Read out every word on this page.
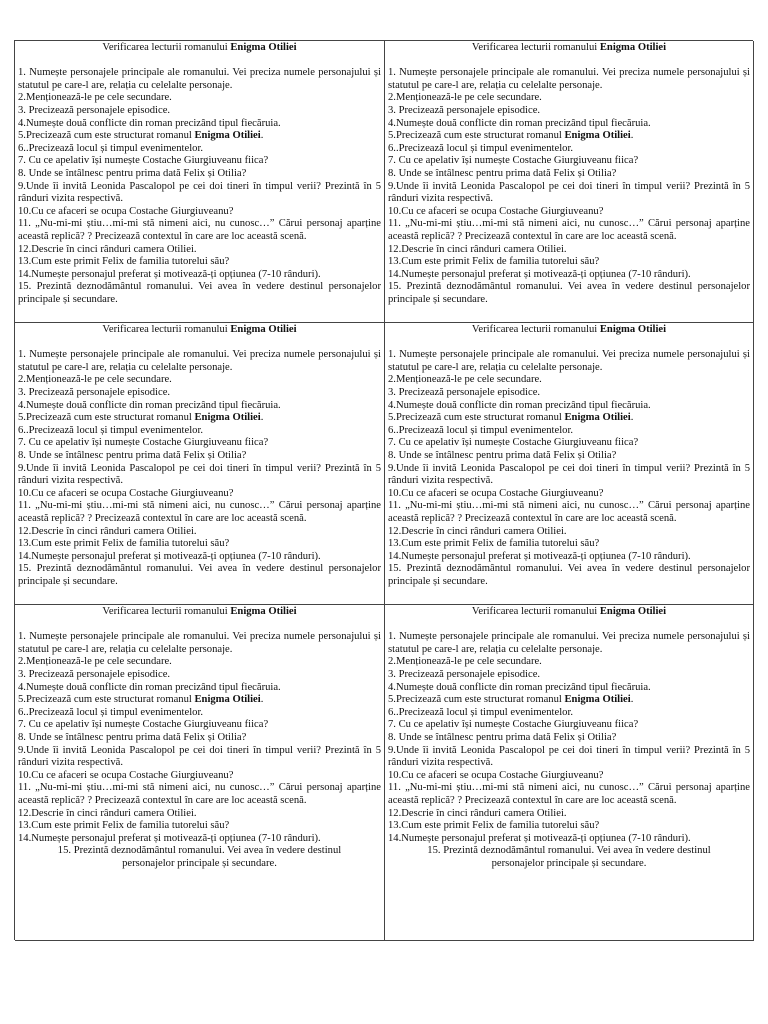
Verificarea lecturii romanului Enigma Otiliei

1. Numește personajele principale ale romanului. Vei preciza numele personajului și statutul pe care-l are, relația cu celelalte personaje.

2.Menționează-le pe cele secundare.

3. Precizează personajele episodice.

4.Numește două conflicte din roman precizând tipul fiecăruia.

5.Precizează cum este structurat romanul Enigma Otiliei.

6..Precizează locul și timpul evenimentelor.

7. Cu ce apelativ își numește Costache Giurgiuveanu fiica?

8. Unde se întâlnesc pentru prima dată Felix și Otilia?

9.Unde îi invită Leonida Pascalopol pe cei doi tineri în timpul verii? Prezintă în 5 rânduri vizita respectivă.

10.Cu ce afaceri se ocupa Costache Giurgiuveanu?

11. „Nu-mi-mi știu…mi-mi stă nimeni aici, nu cunosc…” Cărui personaj aparține această replică? ? Precizează contextul în care are loc această scenă.

12.Descrie în cinci rânduri camera Otiliei.

13.Cum este primit Felix de familia tutorelui său?

14.Numește personajul preferat și motivează-ți opțiunea (7-10 rânduri).

15. Prezintă deznodământul romanului. Vei avea în vedere destinul personajelor principale și secundare.

Verificarea lecturii romanului Enigma Otiliei

1. Numește personajele principale ale romanului. Vei preciza numele personajului și statutul pe care-l are, relația cu celelalte personaje.

2.Menționează-le pe cele secundare.

3. Precizează personajele episodice.

4.Numește două conflicte din roman precizând tipul fiecăruia.

5.Precizează cum este structurat romanul Enigma Otiliei.

6..Precizează locul și timpul evenimentelor.

7. Cu ce apelativ își numește Costache Giurgiuveanu fiica?

8. Unde se întâlnesc pentru prima dată Felix și Otilia?

9.Unde îi invită Leonida Pascalopol pe cei doi tineri în timpul verii? Prezintă în 5 rânduri vizita respectivă.

10.Cu ce afaceri se ocupa Costache Giurgiuveanu?

11. „Nu-mi-mi știu…mi-mi stă nimeni aici, nu cunosc…” Cărui personaj aparține această replică? ? Precizează contextul în care are loc această scenă.

12.Descrie în cinci rânduri camera Otiliei.

13.Cum este primit Felix de familia tutorelui său?

14.Numește personajul preferat și motivează-ți opțiunea (7-10 rânduri).

15. Prezintă deznodământul romanului. Vei avea în vedere destinul personajelor principale și secundare.

Verificarea lecturii romanului Enigma Otiliei

1. Numește personajele principale ale romanului. Vei preciza numele personajului și statutul pe care-l are, relația cu celelalte personaje.

2.Menționează-le pe cele secundare.

3. Precizează personajele episodice.

4.Numește două conflicte din roman precizând tipul fiecăruia.

5.Precizează cum este structurat romanul Enigma Otiliei.

6..Precizează locul și timpul evenimentelor.

7. Cu ce apelativ își numește Costache Giurgiuveanu fiica?

8. Unde se întâlnesc pentru prima dată Felix și Otilia?

9.Unde îi invită Leonida Pascalopol pe cei doi tineri în timpul verii? Prezintă în 5 rânduri vizita respectivă.

10.Cu ce afaceri se ocupa Costache Giurgiuveanu?

11. „Nu-mi-mi știu…mi-mi stă nimeni aici, nu cunosc…” Cărui personaj aparține această replică? ? Precizează contextul în care are loc această scenă.

12.Descrie în cinci rânduri camera Otiliei.

13.Cum este primit Felix de familia tutorelui său?

14.Numește personajul preferat și motivează-ți opțiunea (7-10 rânduri).

15. Prezintă deznodământul romanului. Vei avea în vedere destinul personajelor principale și secundare.

Verificarea lecturii romanului Enigma Otiliei

1. Numește personajele principale ale romanului. Vei preciza numele personajului și statutul pe care-l are, relația cu celelalte personaje.

2.Menționează-le pe cele secundare.

3. Precizează personajele episodice.

4.Numește două conflicte din roman precizând tipul fiecăruia.

5.Precizează cum este structurat romanul Enigma Otiliei.

6..Precizează locul și timpul evenimentelor.

7. Cu ce apelativ își numește Costache Giurgiuveanu fiica?

8. Unde se întâlnesc pentru prima dată Felix și Otilia?

9.Unde îi invită Leonida Pascalopol pe cei doi tineri în timpul verii? Prezintă în 5 rânduri vizita respectivă.

10.Cu ce afaceri se ocupa Costache Giurgiuveanu?

11. „Nu-mi-mi știu…mi-mi stă nimeni aici, nu cunosc…” Cărui personaj aparține această replică? ? Precizează contextul în care are loc această scenă.

12.Descrie în cinci rânduri camera Otiliei.

13.Cum este primit Felix de familia tutorelui său?

14.Numește personajul preferat și motivează-ți opțiunea (7-10 rânduri).

15. Prezintă deznodământul romanului. Vei avea în vedere destinul personajelor principale și secundare.

Verificarea lecturii romanului Enigma Otiliei

1. Numește personajele principale ale romanului. Vei preciza numele personajului și statutul pe care-l are, relația cu celelalte personaje.

2.Menționează-le pe cele secundare.

3. Precizează personajele episodice.

4.Numește două conflicte din roman precizând tipul fiecăruia.

5.Precizează cum este structurat romanul Enigma Otiliei.

6..Precizează locul și timpul evenimentelor.

7. Cu ce apelativ își numește Costache Giurgiuveanu fiica?

8. Unde se întâlnesc pentru prima dată Felix și Otilia?

9.Unde îi invită Leonida Pascalopol pe cei doi tineri în timpul verii? Prezintă în 5 rânduri vizita respectivă.

10.Cu ce afaceri se ocupa Costache Giurgiuveanu?

11. „Nu-mi-mi știu…mi-mi stă nimeni aici, nu cunosc…” Cărui personaj aparține această replică? ? Precizează contextul în care are loc această scenă.

12.Descrie în cinci rânduri camera Otiliei.

13.Cum este primit Felix de familia tutorelui său?

14.Numește personajul preferat și motivează-ți opțiunea (7-10 rânduri).

15. Prezintă deznodământul romanului. Vei avea în vedere destinul personajelor principale și secundare.

Verificarea lecturii romanului Enigma Otiliei

1. Numește personajele principale ale romanului. Vei preciza numele personajului și statutul pe care-l are, relația cu celelalte personaje.

2.Menționează-le pe cele secundare.

3. Precizează personajele episodice.

4.Numește două conflicte din roman precizând tipul fiecăruia.

5.Precizează cum este structurat romanul Enigma Otiliei.

6..Precizează locul și timpul evenimentelor.

7. Cu ce apelativ își numește Costache Giurgiuveanu fiica?

8. Unde se întâlnesc pentru prima dată Felix și Otilia?

9.Unde îi invită Leonida Pascalopol pe cei doi tineri în timpul verii? Prezintă în 5 rânduri vizita respectivă.

10.Cu ce afaceri se ocupa Costache Giurgiuveanu?

11. „Nu-mi-mi știu…mi-mi stă nimeni aici, nu cunosc…” Cărui personaj aparține această replică? ? Precizează contextul în care are loc această scenă.

12.Descrie în cinci rânduri camera Otiliei.

13.Cum este primit Felix de familia tutorelui său?

14.Numește personajul preferat și motivează-ți opțiunea (7-10 rânduri).

15. Prezintă deznodământul romanului. Vei avea în vedere destinul personajelor principale și secundare.
